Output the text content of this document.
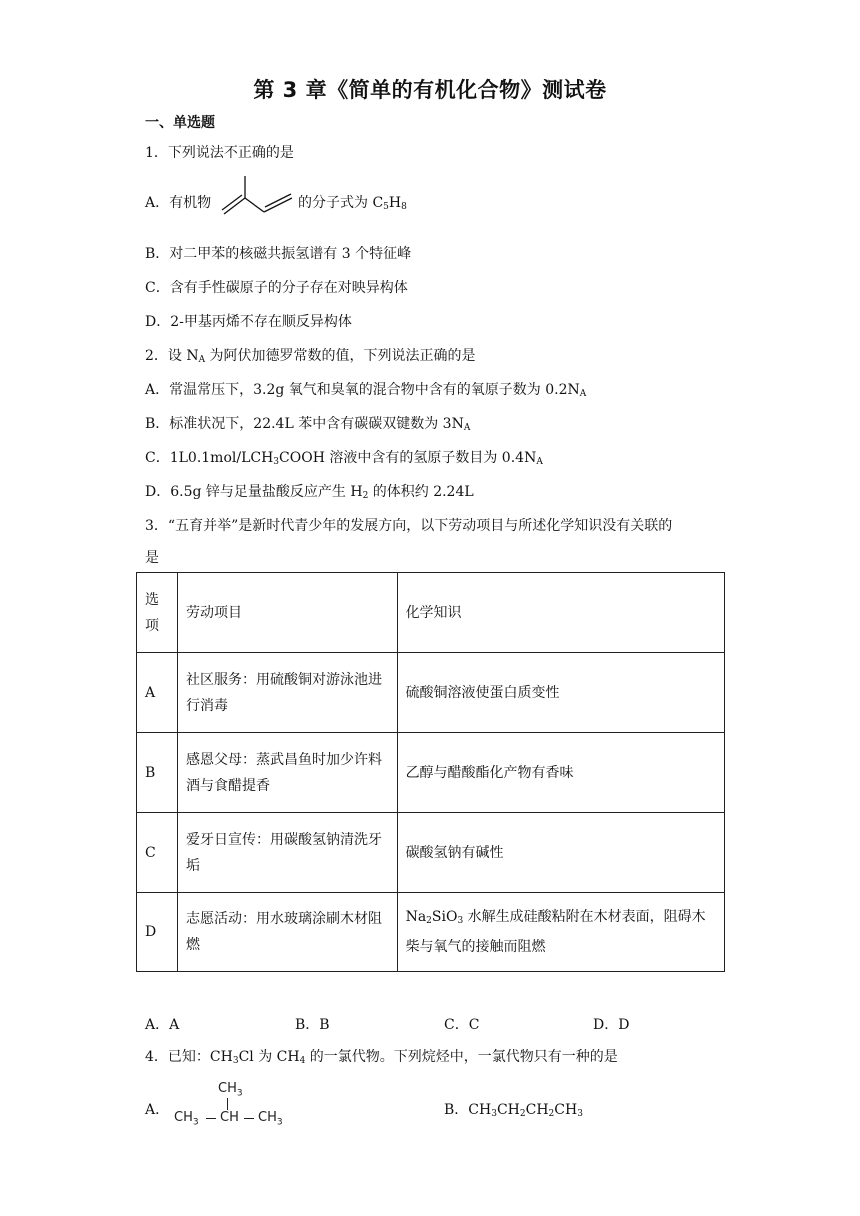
第 3 章《简单的有机化合物》测试卷
一、单选题
1．下列说法不正确的是
A．有机物	的分子式为 $C_5H_8$
B．对二甲苯的核磁共振氢谱有 3 个特征峰
C．含有手性碳原子的分子存在对映异构体
D．2-甲基丙烯不存在顺反异构体
2．设 $N_A$ 为阿伏加德罗常数的值，下列说法正确的是
A．常温常压下，3.2g 氧气和臭氧的混合物中含有的氧原子数为 $0.2N_A$
B．标准状况下，22.4L 苯中含有碳碳双键数为 $3N_A$
C．$1L0.1mol/LCH_3COOH$ 溶液中含有的氢原子数目为 $0.4N_A$
D．6.5g 锌与足量盐酸反应产生 $H_2$ 的体积约 2.24L
3．“五育并举”是新时代青少年的发展方向，以下劳动项目与所述化学知识没有关联的
是
选项	劳动项目	化学知识
A	社区服务：用硫酸铜对游泳池进行消毒	硫酸铜溶液使蛋白质变性
B	感恩父母：蒸武昌鱼时加少许料酒与食醋提香	乙醇与醋酸酯化产物有香味
C	爱牙日宣传：用碳酸氢钠清洗牙垢	碳酸氢钠有碱性
D	志愿活动：用水玻璃涂刷木材阻燃	$Na_2SiO_3$ 水解生成硅酸粘附在木材表面，阻碍木柴与氧气的接触而阻燃
A．A	B．B	C．C	D．D
4．已知：$CH_3Cl$ 为 $CH_4$ 的一氯代物。下列烷烃中，一氯代物只有一种的是
A．
$CH_3$
$CH_3$ CH $CH_3$
B．$CH_3CH_2CH_2CH_3$
